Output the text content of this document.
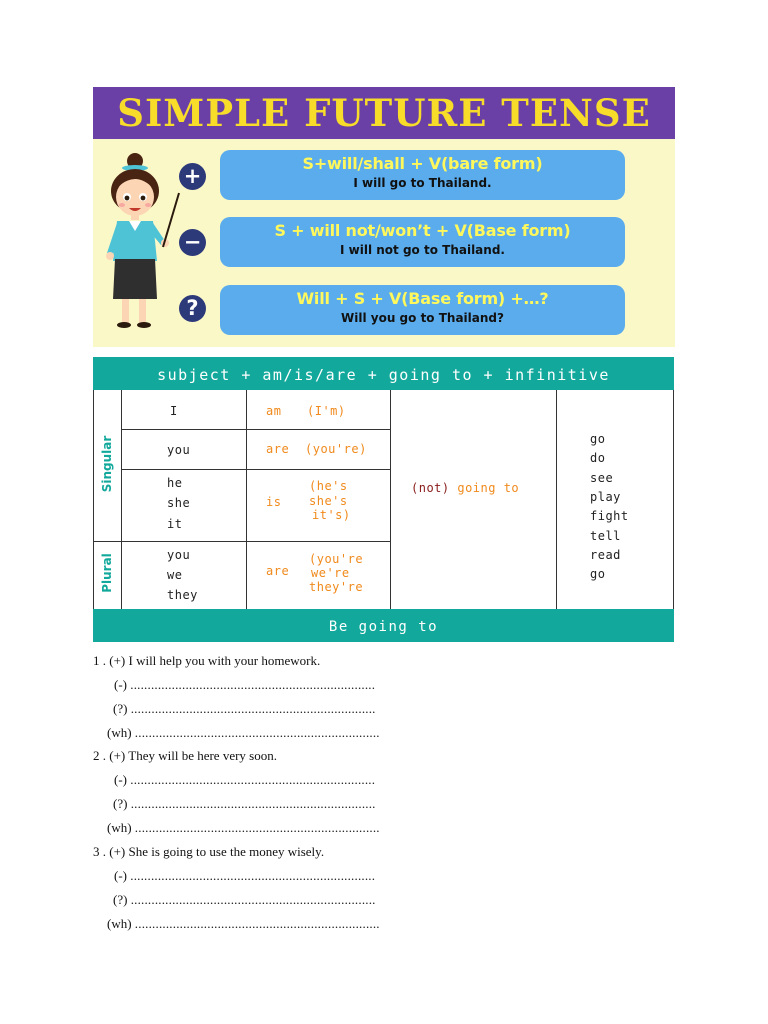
SIMPLE FUTURE TENSE
+
−
?
S+will/shall + V(bare form)
I will go to Thailand.
S + will not/won’t + V(Base form)
I will not go to Thailand.
Will + S + V(Base form) +…?
Will you go to Thailand?
subject + am/is/are + going to + infinitive
Singular
Plural
I	am (I'm)
you	are (you're)
he
she
it
is
(he's
she's
it's)
you
we
they
are
(you're
we're
they're
(not) going to
go
do
see
play
fight
tell
read
go
Be going to
1 . (+) I will help you with your homework.
(-) .......................................................................
(?) .......................................................................
(wh) .......................................................................
2 . (+) They will be here very soon.
(-) .......................................................................
(?) .......................................................................
(wh) .......................................................................
3 . (+) She is going to use the money wisely.
(-) .......................................................................
(?) .......................................................................
(wh) .......................................................................
